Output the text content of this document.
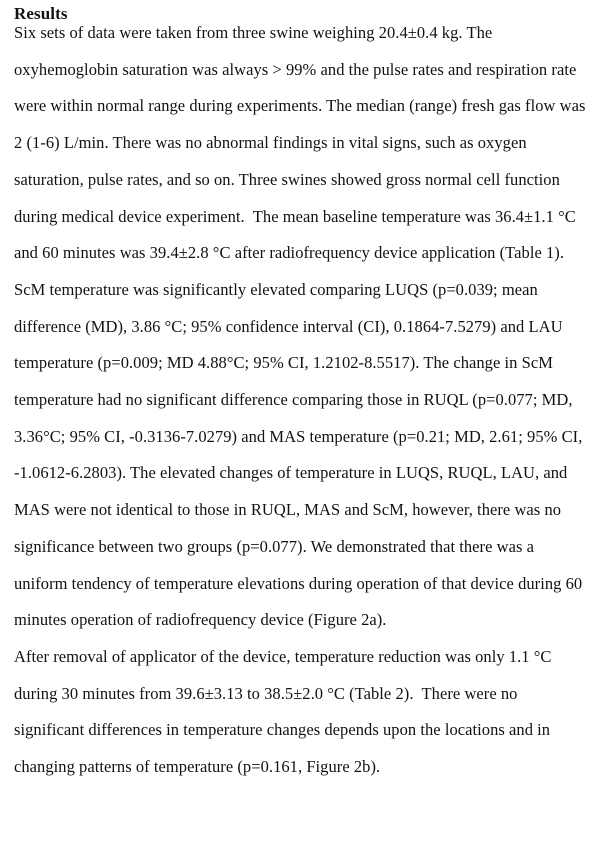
Results
Six sets of data were taken from three swine weighing 20.4±0.4 kg. The
oxyhemoglobin saturation was always > 99% and the pulse rates and respiration rate
were within normal range during experiments. The median (range) fresh gas flow was
2 (1-6) L/min. There was no abnormal findings in vital signs, such as oxygen
saturation, pulse rates, and so on. Three swines showed gross normal cell function
during medical device experiment.  The mean baseline temperature was 36.4±1.1 °C
and 60 minutes was 39.4±2.8 °C after radiofrequency device application (Table 1).
ScM temperature was significantly elevated comparing LUQS (p=0.039; mean
difference (MD), 3.86 °C; 95% confidence interval (CI), 0.1864-7.5279) and LAU
temperature (p=0.009; MD 4.88°C; 95% CI, 1.2102-8.5517). The change in ScM
temperature had no significant difference comparing those in RUQL (p=0.077; MD,
3.36°C; 95% CI, -0.3136-7.0279) and MAS temperature (p=0.21; MD, 2.61; 95% CI,
-1.0612-6.2803). The elevated changes of temperature in LUQS, RUQL, LAU, and
MAS were not identical to those in RUQL, MAS and ScM, however, there was no
significance between two groups (p=0.077). We demonstrated that there was a
uniform tendency of temperature elevations during operation of that device during 60
minutes operation of radiofrequency device (Figure 2a).
After removal of applicator of the device, temperature reduction was only 1.1 °C
during 30 minutes from 39.6±3.13 to 38.5±2.0 °C (Table 2).  There were no
significant differences in temperature changes depends upon the locations and in
changing patterns of temperature (p=0.161, Figure 2b).
